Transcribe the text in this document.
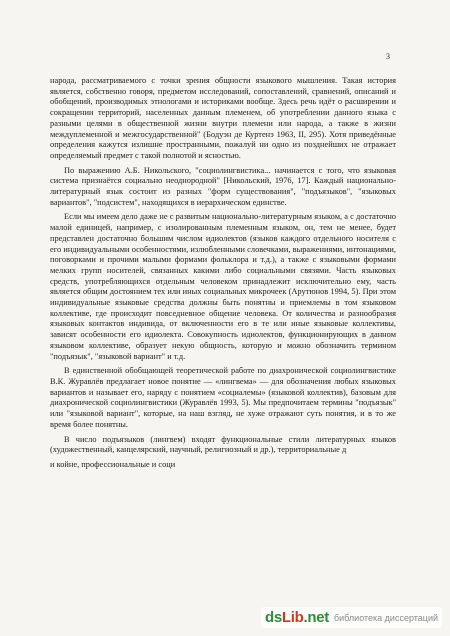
3

народа, рассматриваемого с точки зрения общности языкового мышления. Такая история является, собственно говоря, предметом исследований, сопоставлений, сравнений, описаний и обобщений, производимых этнологами и историками вообще. Здесь речь идёт о расширении и сокращении территорий, населенных данным племенем, об употреблении данного языка с разными целями в общественной жизни внутри племени или народа, а также в жизни междуплеменной и межгосударственной" (Бодуэн де Куртенэ 1963, II, 295). Хотя приведённые определения кажутся излишне пространными, пожалуй ни одно из позднейших не отражает определяемый предмет с такой полнотой и ясностью.

По выражению А.Б. Никольского, "социолингвистика... начинается с того, что языковая система признаётся социально неоднородной" [Никольский, 1976, 17]. Каждый национально-литературный язык состоит из разных "форм существования", "подъязыков", "языковых вариантов", "подсистем", находящихся в иерархическом единстве.

Если мы имеем дело даже не с развитым национально-литературным языком, а с достаточно малой единицей, например, с изолированным племенным языком, он, тем не менее, будет представлен достаточно большим числом идиолектов (языков каждого отдельного носителя с его индивидуальными особенностями, излюбленными словечками, выражениями, интонациями, поговорками и прочими малыми формами фольклора и т.д.), а также с языковыми формами мелких групп носителей, связанных какими либо социальными связями. Часть языковых средств, употребляющихся отдельным человеком принадлежит исключительно ему, часть является общим достоянием тех или иных социальных микрочеек (Арутюнов 1994, 5). При этом индивидуальные языковые средства должны быть понятны и приемлемы в том языковом коллективе, где происходит повседневное общение человека. От количества и разнообразия языковых контактов индивида, от включенности его в те или иные языковые коллективы, зависят особенности его идиолекта. Совокупность идиолектов, функционирующих в данном языковом коллективе, образует некую общность, которую и можно обозначить термином "подъязык", "языковой вариант" и т.д.

В единственной обобщающей теоретической работе по диахронической социолингвистике В.К. Журавлёв предлагает новое понятие — «лингвема» — для обозначения любых языковых вариантов и называет его, наряду с понятием «социалемы» (языковой коллектив), базовым для диахронической социолингвистики (Журавлёв 1993, 5). Мы предпочитаем термины "подъязык" или "языковой вариант", которые, на наш взгляд, не хуже отражают суть понятия, и в то же время более понятны.

В число подъязыков (лингвем) входят функциональные стили литературных языков (художественный, канцелярский, научный, религиозный и др.), территориальные д

и койне, профессиональные и соци

dsLib.net библиотека диссертаций
